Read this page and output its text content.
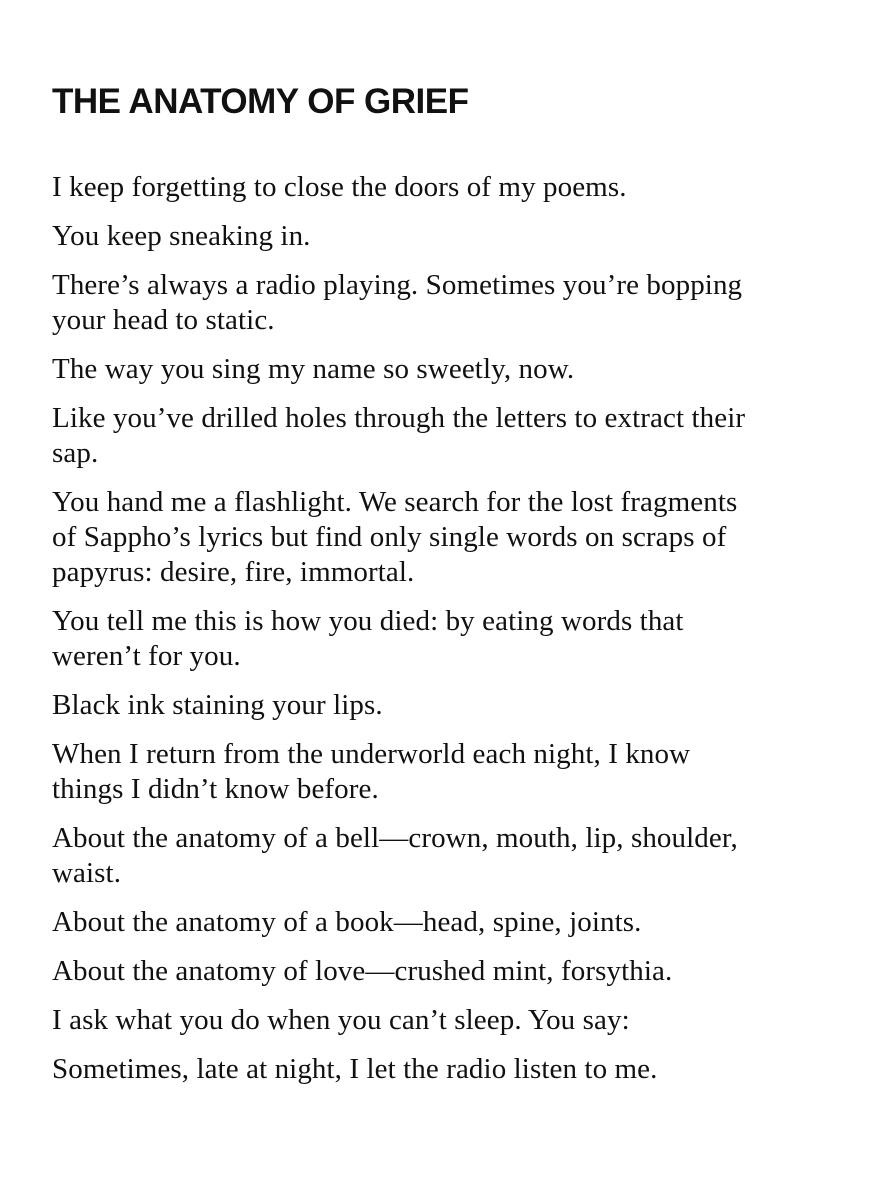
THE ANATOMY OF GRIEF

I keep forgetting to close the doors of my poems.

You keep sneaking in.

There’s always a radio playing. Sometimes you’re bopping
your head to static.

The way you sing my name so sweetly, now.

Like you’ve drilled holes through the letters to extract their
sap.

You hand me a flashlight. We search for the lost fragments
of Sappho’s lyrics but find only single words on scraps of
papyrus: desire, fire, immortal.

You tell me this is how you died: by eating words that
weren’t for you.

Black ink staining your lips.

When I return from the underworld each night, I know
things I didn’t know before.

About the anatomy of a bell—crown, mouth, lip, shoulder,
waist.

About the anatomy of a book—head, spine, joints.

About the anatomy of love—crushed mint, forsythia.

I ask what you do when you can’t sleep. You say:

Sometimes, late at night, I let the radio listen to me.
